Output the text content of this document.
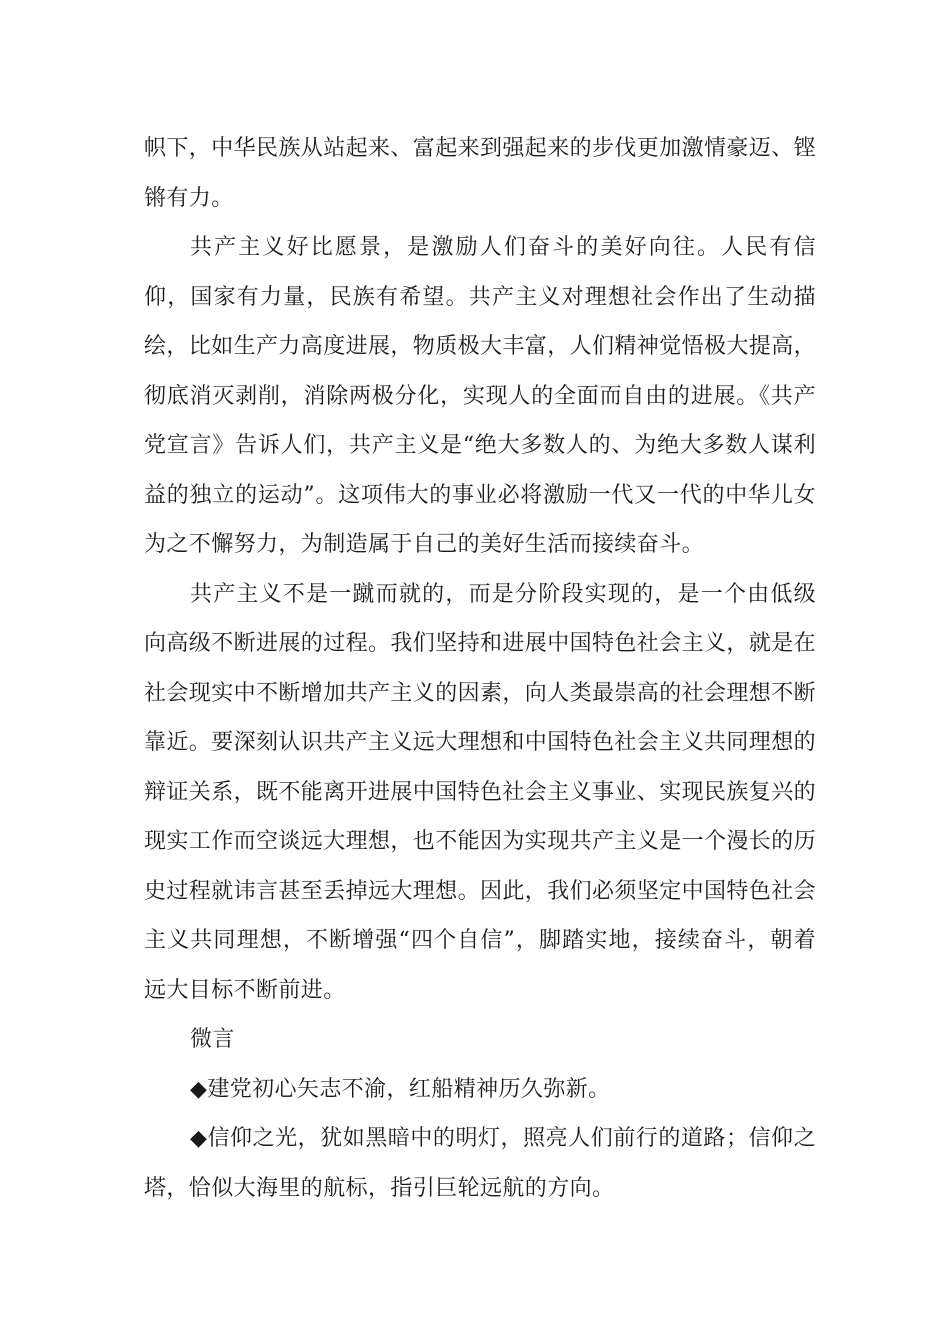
帜下，中华民族从站起来、富起来到强起来的步伐更加激情豪迈、铿锵有力。

共产主义好比愿景，是激励人们奋斗的美好向往。人民有信仰，国家有力量，民族有希望。共产主义对理想社会作出了生动描绘，比如生产力高度进展，物质极大丰富，人们精神觉悟极大提高，彻底消灭剥削，消除两极分化，实现人的全面而自由的进展。《共产党宣言》告诉人们，共产主义是“绝大多数人的、为绝大多数人谋利益的独立的运动”。这项伟大的事业必将激励一代又一代的中华儿女为之不懈努力，为制造属于自己的美好生活而接续奋斗。

共产主义不是一蹴而就的，而是分阶段实现的，是一个由低级向高级不断进展的过程。我们坚持和进展中国特色社会主义，就是在社会现实中不断增加共产主义的因素，向人类最崇高的社会理想不断靠近。要深刻认识共产主义远大理想和中国特色社会主义共同理想的辩证关系，既不能离开进展中国特色社会主义事业、实现民族复兴的现实工作而空谈远大理想，也不能因为实现共产主义是一个漫长的历史过程就讳言甚至丢掉远大理想。因此，我们必须坚定中国特色社会主义共同理想，不断增强“四个自信”，脚踏实地，接续奋斗，朝着远大目标不断前进。

微言

◆建党初心矢志不渝，红船精神历久弥新。

◆信仰之光，犹如黑暗中的明灯，照亮人们前行的道路；信仰之塔，恰似大海里的航标，指引巨轮远航的方向。
